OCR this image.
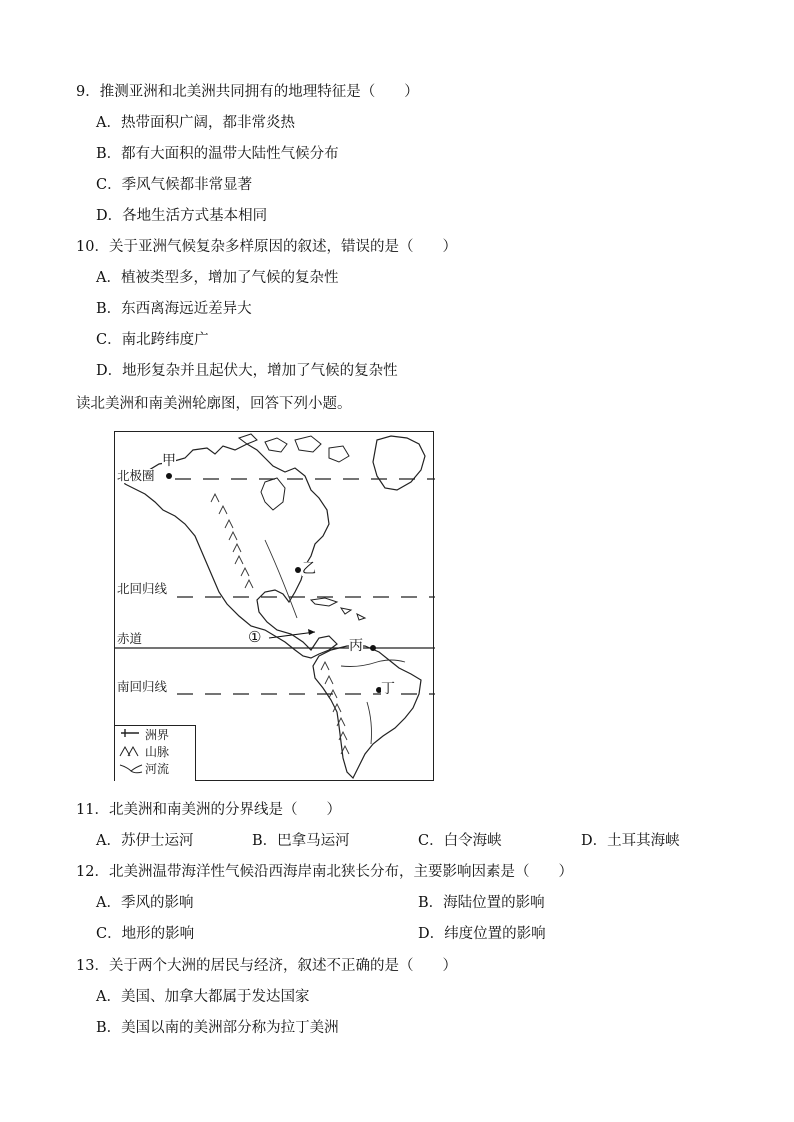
9．推测亚洲和北美洲共同拥有的地理特征是（　　）
A．热带面积广阔，都非常炎热
B．都有大面积的温带大陆性气候分布
C．季风气候都非常显著
D．各地生活方式基本相同
10．关于亚洲气候复杂多样原因的叙述，错误的是（　　）
A．植被类型多，增加了气候的复杂性
B．东西离海远近差异大
C．南北跨纬度广
D．地形复杂并且起伏大，增加了气候的复杂性
读北美洲和南美洲轮廓图，回答下列小题。
北极圈
北回归线
赤道
南回归线
甲
乙
丙
丁
①
洲界
山脉
河流
11．北美洲和南美洲的分界线是（　　）
A．苏伊士运河	B．巴拿马运河	C．白令海峡	D．土耳其海峡
12．北美洲温带海洋性气候沿西海岸南北狭长分布，主要影响因素是（　　）
A．季风的影响	B．海陆位置的影响
C．地形的影响	D．纬度位置的影响
13．关于两个大洲的居民与经济，叙述不正确的是（　　）
A．美国、加拿大都属于发达国家
B．美国以南的美洲部分称为拉丁美洲
